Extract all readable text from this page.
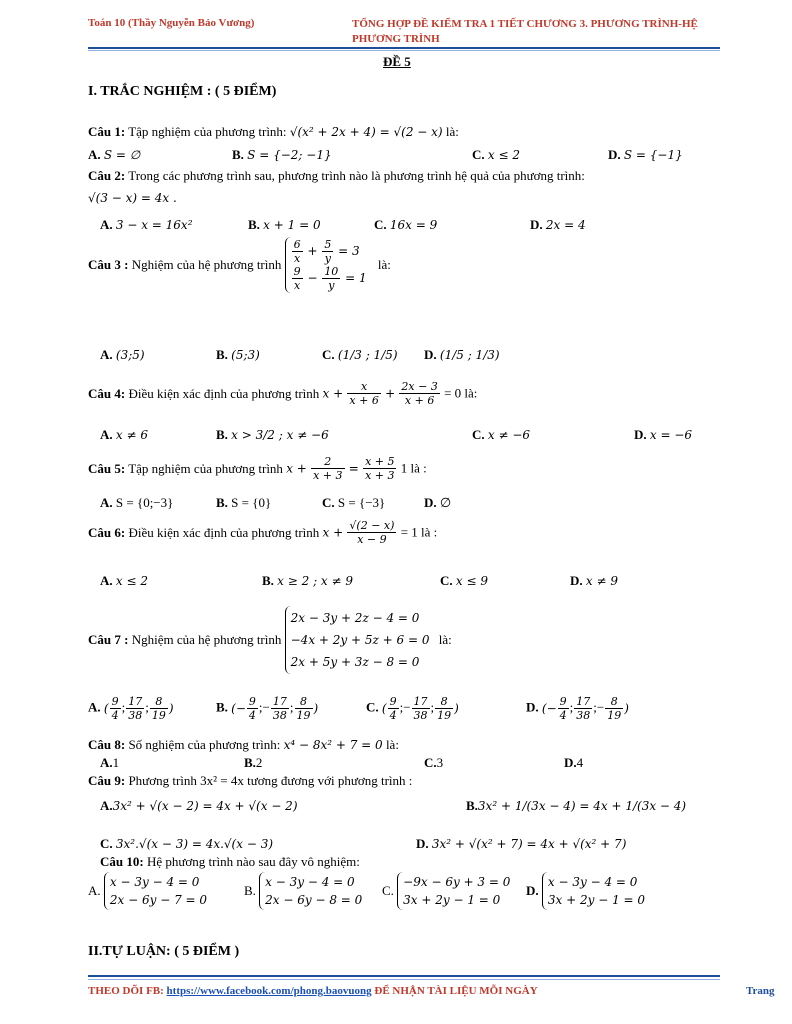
Toán 10 (Thầy Nguyễn Bảo Vương)	TỔNG HỢP ĐỀ KIỂM TRA 1 TIẾT CHƯƠNG 3. PHƯƠNG TRÌNH-HỆ PHƯƠNG TRÌNH
ĐỀ 5
I. TRẮC NGHIỆM : ( 5 ĐIỂM)
Câu 1: Tập nghiệm của phương trình: √(x² + 2x + 4) = √(2 − x) là:
A. S = ∅	B. S = {−2; −1}	C. x ≤ 2	D. S = {−1}
Câu 2: Trong các phương trình sau, phương trình nào là phương trình hệ quả của phương trình:
√(3 − x) = 4x .
A. 3 − x = 16x²	B. x + 1 = 0	C. 16x = 9	D. 2x = 4
Câu 3 : Nghiệm của hệ phương trình $\frac{6}{x} + \frac{5}{y} = 3$
$\frac{9}{x} - \frac{10}{y} = 1$
là:
A. (3;5)	B. (5;3)	C. (1/3 ; 1/5) D. (1/5 ; 1/3)
Câu 4: Điều kiện xác định của phương trình $x + \frac{x}{x + 6} + \frac{2x - 3}{x + 6} = 0$ là:
A. x ≠ 6	B. x > 3/2 ; x ≠ −6	C. x ≠ −6	D. x = −6
Câu 5: Tập nghiệm của phương trình $x + \frac{2}{x + 3} = \frac{x + 5}{x + 3} 1$ là :
A. S = {0;−3}	B. S = {0}	C. S = {−3}	D. ∅
Câu 6: Điều kiện xác định của phương trình $x + \frac{√(2 - x)}{x - 9} = 1$ là :
A. x ≤ 2	B. x ≥ 2 ; x ≠ 9	C. x ≤ 9	D. x ≠ 9
Câu 7 : Nghiệm của hệ phương trình
2x − 3y + 2z − 4 = 0
−4x + 2y + 5z + 6 = 0
2x + 5y + 3z − 8 = 0
là:
A. ( $\frac{9}{4}$ ; $\frac{17}{38}$ ; $\frac{8}{19}$ )	B. (− $\frac{9}{4}$ ;− $\frac{17}{38}$ ; $\frac{8}{19}$ )	C. ( $\frac{9}{4}$ ;− $\frac{17}{38}$ ; $\frac{8}{19}$ )	D. (− $\frac{9}{4}$ ; $\frac{17}{38}$ ;− $\frac{8}{19}$ )
Câu 8: Số nghiệm của phương trình: x⁴ − 8x² + 7 = 0 là:
A.1	B.2	C.3	D.4
Câu 9: Phương trình 3x² = 4x tương đương với phương trình :
A.3x² + √(x − 2) = 4x + √(x − 2)	B.3x² + 1/(3x − 4) = 4x + 1/(3x − 4)
C. 3x².√(x − 3) = 4x.√(x − 3)	D. 3x² + √(x² + 7) = 4x + √(x² + 7)
Câu 10: Hệ phương trình nào sau đây vô nghiệm:
A.
x − 3y − 4 = 0
2x − 6y − 7 = 0
B.
x − 3y − 4 = 0
2x − 6y − 8 = 0
C.
−9x − 6y + 3 = 0
3x + 2y − 1 = 0
D.
x − 3y − 4 = 0
3x + 2y − 1 = 0
II.TỰ LUẬN: ( 5 ĐIỂM )
THEO DÕI FB: https://www.facebook.com/phong.baovuong ĐỂ NHẬN TÀI LIỆU MỖI NGÀY	Trang
